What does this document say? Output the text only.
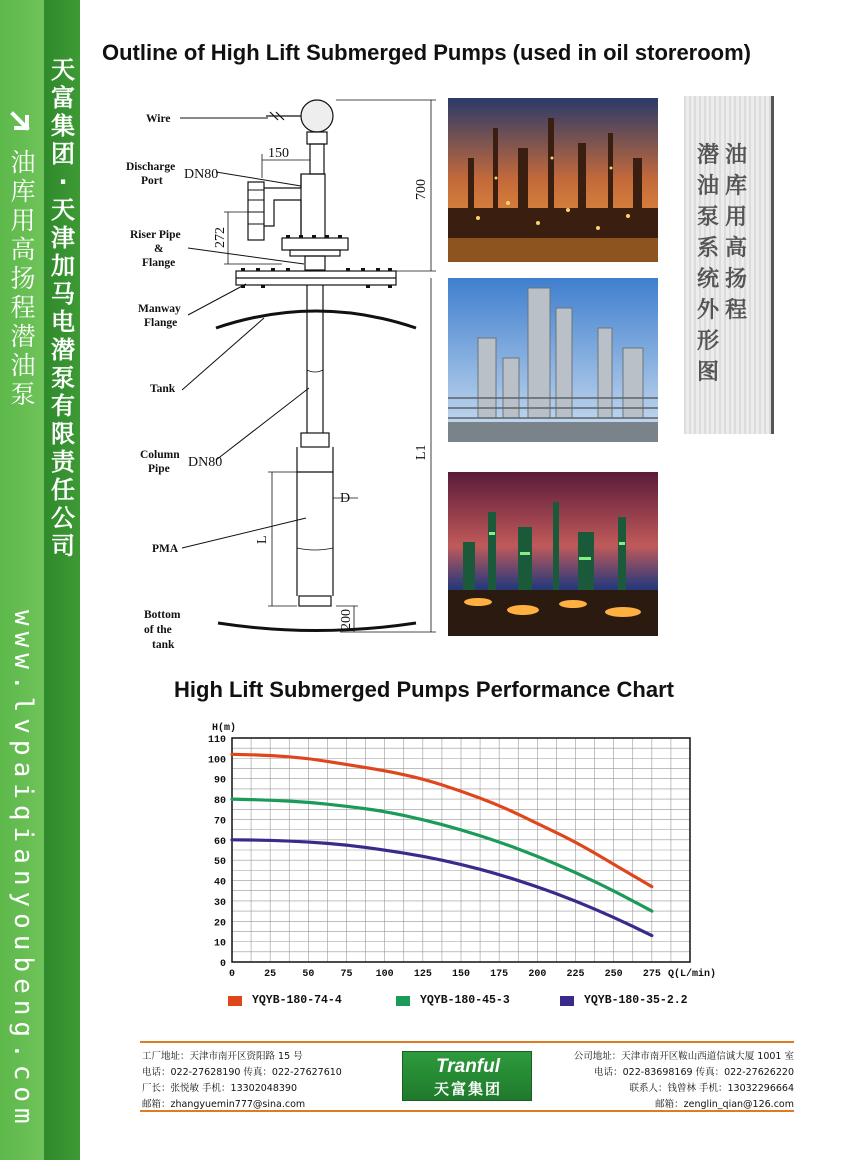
油库用高扬程潜油泵
www.lvpaiqianyoubeng.com
天富集团·天津加马电潜泵有限责任公司
Outline of High Lift Submerged Pumps (used in oil storeroom)
Wire
Discharge
Port
Riser Pipe
&
Flange
Manway
Flange
Tank
Column
Pipe
PMA
Bottom
of the
tank
DN80
150
272
700
L1
DN80
D
L
200
油库用高扬程
潜油泵系统外形图
High Lift Submerged Pumps Performance Chart
0	25	50	75 100 125 150 175 200 225 250 275
0
10
20
30
40
50
60
70
80
90
100
110
H(m)
Q(L/min)
YQYB-180-74-4	YQYB-180-45-3	YQYB-180-35-2.2
工厂地址：天津市南开区资阳路 15 号
电话：022-27628190 传真：022-27627610
厂长：张悦敏 手机：13302048390
邮箱：zhangyuemin777@sina.com
Tranful
天富集团
公司地址：天津市南开区鞍山西道信诚大厦 1001 室
电话：022-83698169 传真：022-27626220
联系人：钱曾林 手机：13032296664
邮箱：zenglin_qian@126.com
